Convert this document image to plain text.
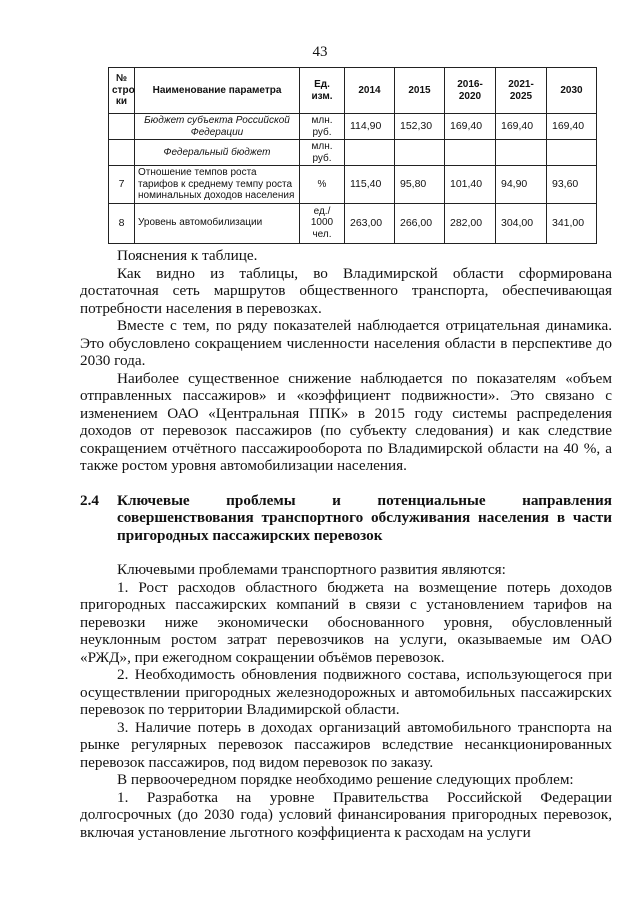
43
№ стро ки	Наименование параметра	Ед. изм.	2014	2015	2016-2020	2021-2025	2030
	Бюджет субъекта Российской Федерации	млн. руб.	114,90	152,30	169,40	169,40	169,40
	Федеральный бюджет	млн. руб.					
7	Отношение темпов роста тарифов к среднему темпу роста номинальных доходов населения	%	115,40	95,80	101,40	94,90	93,60
8	Уровень автомобилизации	ед./ 1000 чел.	263,00	266,00	282,00	304,00	341,00

Пояснения к таблице.

Как видно из таблицы, во Владимирской области сформирована достаточная сеть маршрутов общественного транспорта, обеспечивающая потребности населения в перевозках.

Вместе с тем, по ряду показателей наблюдается отрицательная динамика. Это обусловлено сокращением численности населения области в перспективе до 2030 года.

Наиболее существенное снижение наблюдается по показателям «объем отправленных пассажиров» и «коэффициент подвижности». Это связано с изменением ОАО «Центральная ППК» в 2015 году системы распределения доходов от перевозок пассажиров (по субъекту следования) и как следствие сокращением отчётного пассажирооборота по Владимирской области на 40 %, а также ростом уровня автомобилизации населения.

2.4	Ключевые проблемы и потенциальные направления совершенствования транспортного обслуживания населения в части пригородных пассажирских перевозок

Ключевыми проблемами транспортного развития являются:

1. Рост расходов областного бюджета на возмещение потерь доходов пригородных пассажирских компаний в связи с установлением тарифов на перевозки ниже экономически обоснованного уровня, обусловленный неуклонным ростом затрат перевозчиков на услуги, оказываемые им ОАО «РЖД», при ежегодном сокращении объёмов перевозок.

2. Необходимость обновления подвижного состава, использующегося при осуществлении пригородных железнодорожных и автомобильных пассажирских перевозок по территории Владимирской области.

3. Наличие потерь в доходах организаций автомобильного транспорта на рынке регулярных перевозок пассажиров вследствие несанкционированных перевозок пассажиров, под видом перевозок по заказу.

В первоочередном порядке необходимо решение следующих проблем:

1. Разработка на уровне Правительства Российской Федерации долгосрочных (до 2030 года) условий финансирования пригородных перевозок, включая установление льготного коэффициента к расходам на услуги
